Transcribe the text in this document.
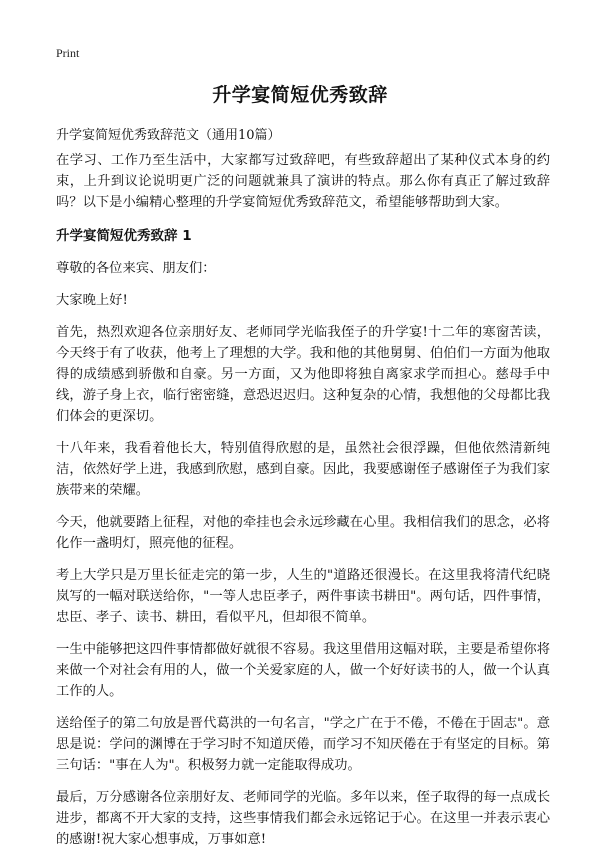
Print
升学宴简短优秀致辞
升学宴简短优秀致辞范文（通用10篇）

在学习、工作乃至生活中，大家都写过致辞吧，有些致辞超出了某种仪式本身的约束，上升到议论说明更广泛的问题就兼具了演讲的特点。那么你有真正了解过致辞吗？以下是小编精心整理的升学宴简短优秀致辞范文，希望能够帮助到大家。

升学宴简短优秀致辞 1

尊敬的各位来宾、朋友们：

大家晚上好!

首先，热烈欢迎各位亲朋好友、老师同学光临我侄子的升学宴!十二年的寒窗苦读，今天终于有了收获，他考上了理想的大学。我和他的其他舅舅、伯伯们一方面为他取得的成绩感到骄傲和自豪。另一方面，又为他即将独自离家求学而担心。慈母手中线，游子身上衣，临行密密缝，意恐迟迟归。这种复杂的心情，我想他的父母都比我们体会的更深切。

十八年来，我看着他长大，特别值得欣慰的是，虽然社会很浮躁，但他依然清新纯洁，依然好学上进，我感到欣慰，感到自豪。因此，我要感谢侄子感谢侄子为我们家族带来的荣耀。

今天，他就要踏上征程，对他的牵挂也会永远珍藏在心里。我相信我们的思念，必将化作一盏明灯，照亮他的征程。

考上大学只是万里长征走完的第一步，人生的"道路还很漫长。在这里我将清代纪晓岚写的一幅对联送给你，"一等人忠臣孝子，两件事读书耕田"。两句话，四件事情，忠臣、孝子、读书、耕田，看似平凡，但却很不简单。

一生中能够把这四件事情都做好就很不容易。我这里借用这幅对联，主要是希望你将来做一个对社会有用的人，做一个关爱家庭的人，做一个好好读书的人，做一个认真工作的人。

送给侄子的第二句放是晋代葛洪的一句名言，"学之广在于不倦，不倦在于固志"。意思是说：学问的渊博在于学习时不知道厌倦，而学习不知厌倦在于有坚定的目标。第三句话："事在人为"。积极努力就一定能取得成功。

最后，万分感谢各位亲朋好友、老师同学的光临。多年以来，侄子取得的每一点成长进步，都离不开大家的支持，这些事情我们都会永远铭记于心。在这里一并表示衷心的感谢!祝大家心想事成，万事如意!
